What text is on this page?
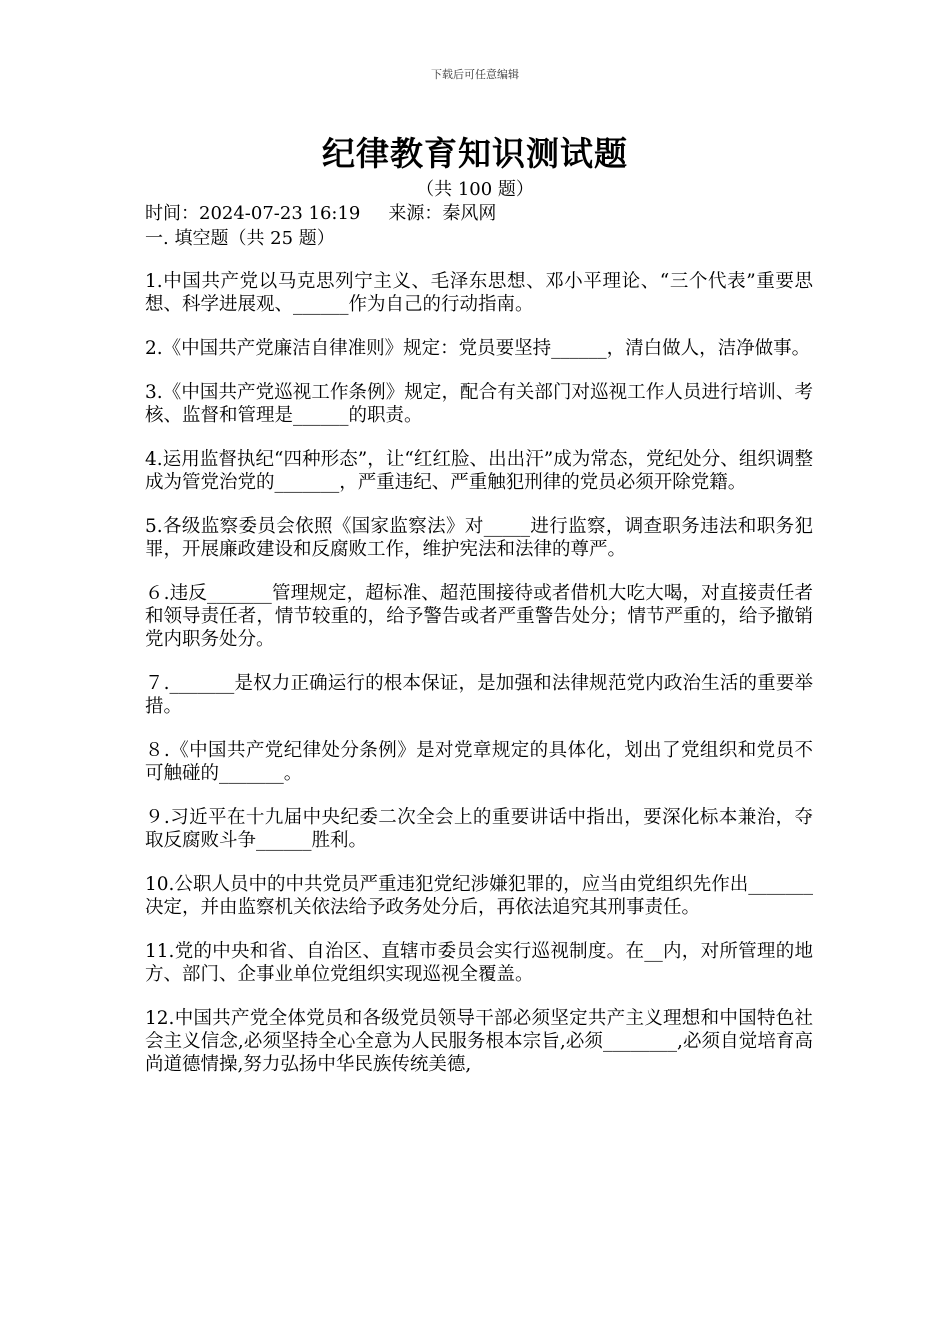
下载后可任意编辑
纪律教育知识测试题
（共 100 题）
时间：2024-07-23 16:19 来源：秦风网
一. 填空题（共 25 题）

1.中国共产党以马克思列宁主义、毛泽东思想、邓小平理论、“三个代表”重要思想、科学进展观、______作为自己的行动指南。

2.《中国共产党廉洁自律准则》规定：党员要坚持______，清白做人，洁净做事。

3.《中国共产党巡视工作条例》规定，配合有关部门对巡视工作人员进行培训、考核、监督和管理是______的职责。

4.运用监督执纪“四种形态”，让“红红脸、出出汗”成为常态，党纪处分、组织调整成为管党治党的_______，严重违纪、严重触犯刑律的党员必须开除党籍。

5.各级监察委员会依照《国家监察法》对_____进行监察，调查职务违法和职务犯罪，开展廉政建设和反腐败工作，维护宪法和法律的尊严。

６.违反_______管理规定，超标准、超范围接待或者借机大吃大喝，对直接责任者和领导责任者，情节较重的，给予警告或者严重警告处分；情节严重的，给予撤销党内职务处分。

７._______是权力正确运行的根本保证，是加强和法律规范党内政治生活的重要举措。

８.《中国共产党纪律处分条例》是对党章规定的具体化，划出了党组织和党员不可触碰的_______。

９.习近平在十九届中央纪委二次全会上的重要讲话中指出，要深化标本兼治，夺取反腐败斗争______胜利。

10.公职人员中的中共党员严重违犯党纪涉嫌犯罪的，应当由党组织先作出_______决定，并由监察机关依法给予政务处分后，再依法追究其刑事责任。

11.党的中央和省、自治区、直辖市委员会实行巡视制度。在__内，对所管理的地方、部门、企事业单位党组织实现巡视全覆盖。

12.中国共产党全体党员和各级党员领导干部必须坚定共产主义理想和中国特色社会主义信念,必须坚持全心全意为人民服务根本宗旨,必须________,必须自觉培育高尚道德情操,努力弘扬中华民族传统美德,
